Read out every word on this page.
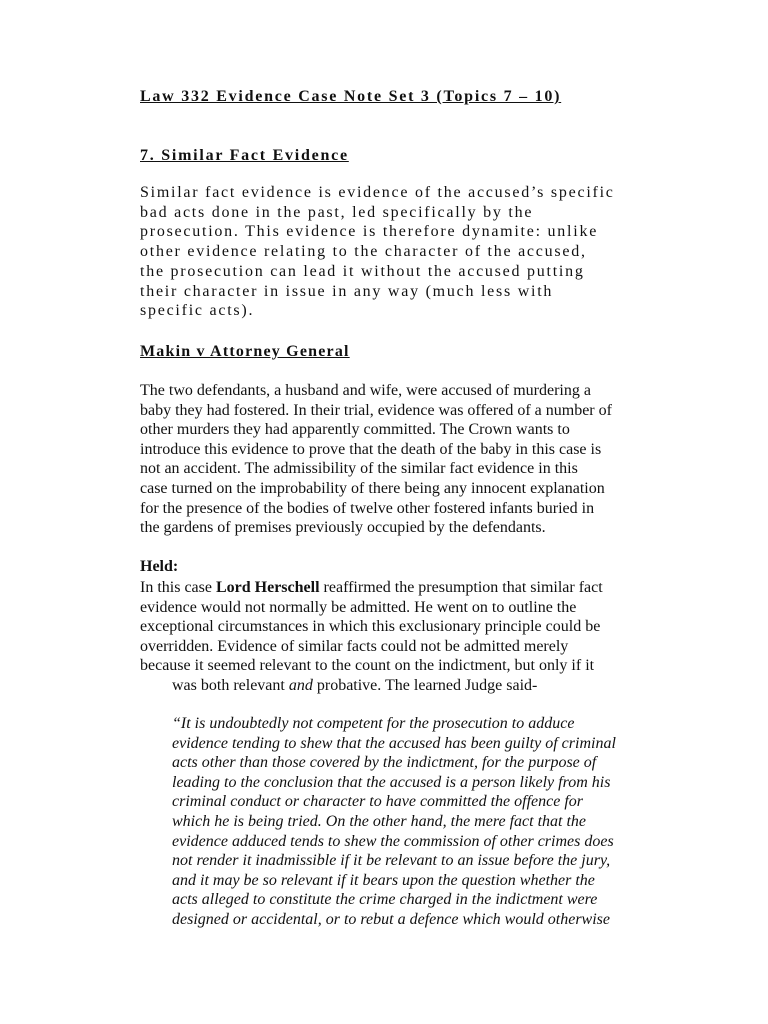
Law 332 Evidence Case Note Set 3 (Topics 7 – 10)
7. Similar Fact Evidence

Similar fact evidence is evidence of the accused’s specific
bad acts done in the past, led specifically by the
prosecution. This evidence is therefore dynamite: unlike
other evidence relating to the character of the accused,
the prosecution can lead it without the accused putting
their character in issue in any way (much less with
specific acts).

Makin v Attorney General

The two defendants, a husband and wife, were accused of murdering a
baby they had fostered. In their trial, evidence was offered of a number of
other murders they had apparently committed. The Crown wants to
introduce this evidence to prove that the death of the baby in this case is
not an accident. The admissibility of the similar fact evidence in this
case turned on the improbability of there being any innocent explanation
for the presence of the bodies of twelve other fostered infants buried in
the gardens of premises previously occupied by the defendants.

Held:

In this case Lord Herschell reaffirmed the presumption that similar fact
evidence would not normally be admitted. He went on to outline the
exceptional circumstances in which this exclusionary principle could be
overridden. Evidence of similar facts could not be admitted merely
because it seemed relevant to the count on the indictment, but only if it
was both relevant and probative. The learned Judge said-

“It is undoubtedly not competent for the prosecution to adduce
evidence tending to shew that the accused has been guilty of criminal
acts other than those covered by the indictment, for the purpose of
leading to the conclusion that the accused is a person likely from his
criminal conduct or character to have committed the offence for
which he is being tried. On the other hand, the mere fact that the
evidence adduced tends to shew the commission of other crimes does
not render it inadmissible if it be relevant to an issue before the jury,
and it may be so relevant if it bears upon the question whether the
acts alleged to constitute the crime charged in the indictment were
designed or accidental, or to rebut a defence which would otherwise
